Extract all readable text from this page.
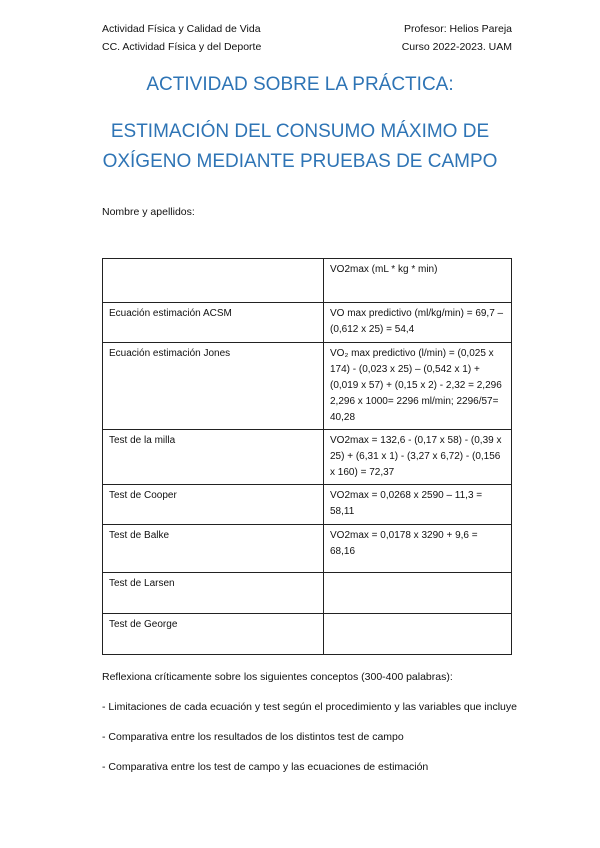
Actividad Física y Calidad de Vida
CC. Actividad Física y del Deporte
Profesor: Helios Pareja
Curso 2022-2023. UAM
ACTIVIDAD SOBRE LA PRÁCTICA:
ESTIMACIÓN DEL CONSUMO MÁXIMO DE
OXÍGENO MEDIANTE PRUEBAS DE CAMPO
Nombre y apellidos:
	VO2max (mL * kg * min)
Ecuación estimación ACSM	VO max predictivo (ml/kg/min) = 69,7 – (0,612 x 25) = 54,4
Ecuación estimación Jones	VO₂ max predictivo (l/min) = (0,025 x 174) - (0,023 x 25) – (0,542 x 1) + (0,019 x 57) + (0,15 x 2) - 2,32 = 2,296 2,296 x 1000= 2296 ml/min; 2296/57= 40,28
Test de la milla	VO2max = 132,6 - (0,17 x 58) - (0,39 x 25) + (6,31 x 1) - (3,27 x 6,72) - (0,156 x 160) = 72,37
Test de Cooper	VO2max = 0,0268 x 2590 – 11,3 = 58,11
Test de Balke	VO2max = 0,0178 x 3290 + 9,6 = 68,16
Test de Larsen	
Test de George	

Reflexiona críticamente sobre los siguientes conceptos (300-400 palabras):

- Limitaciones de cada ecuación y test según el procedimiento y las variables que incluye

- Comparativa entre los resultados de los distintos test de campo

- Comparativa entre los test de campo y las ecuaciones de estimación
